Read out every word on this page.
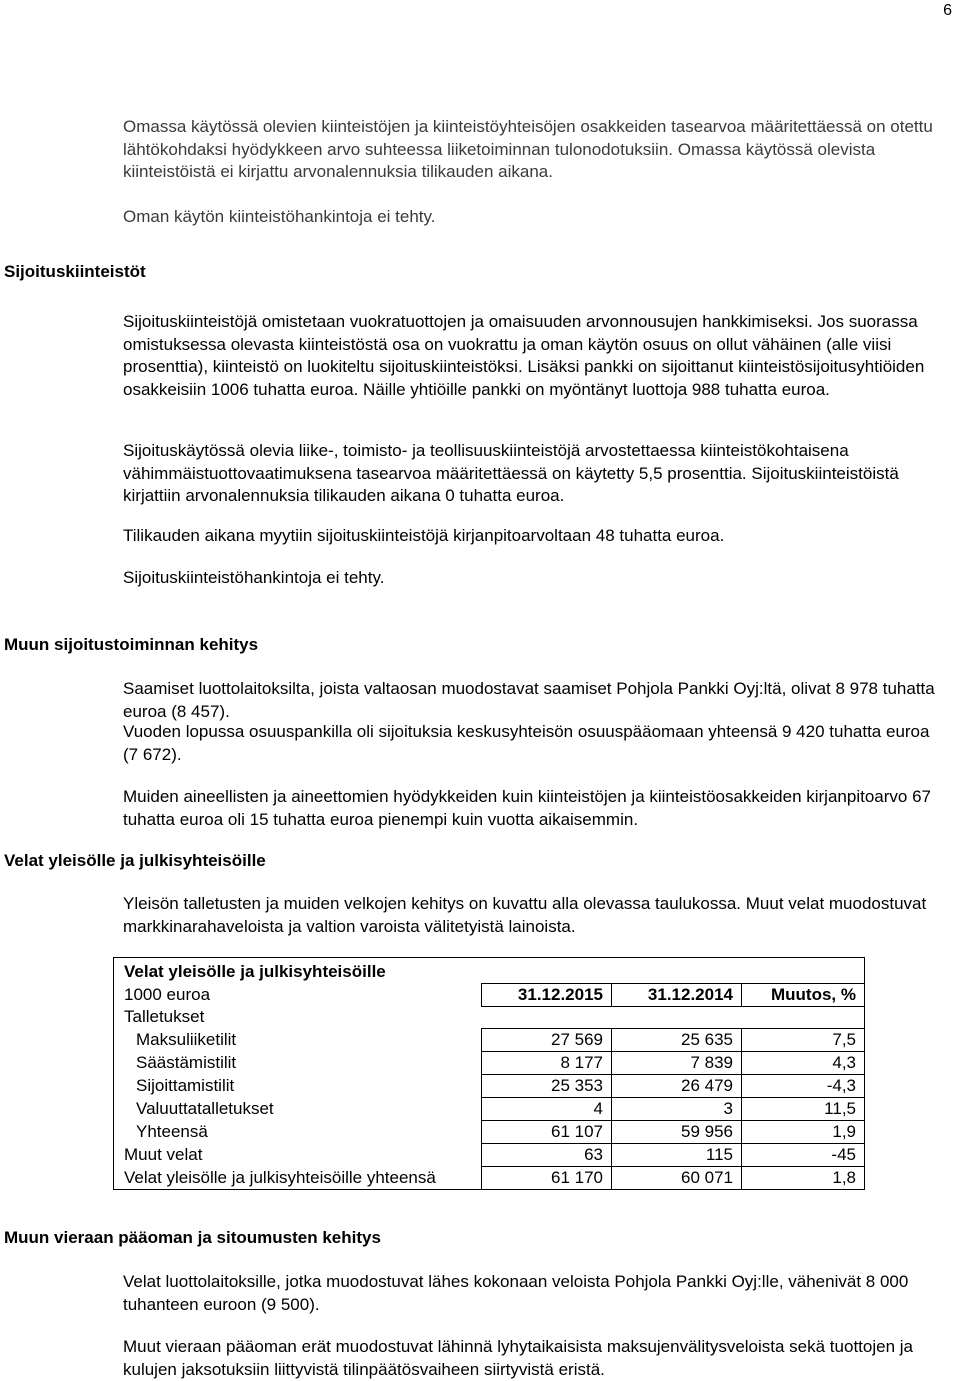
6
Omassa käytössä olevien kiinteistöjen ja kiinteistöyhteisöjen osakkeiden tasearvoa määritettäessä on otettu lähtökohdaksi hyödykkeen arvo suhteessa liiketoiminnan tulonodotuksiin. Omassa käytössä olevista kiinteistöistä ei kirjattu arvonalennuksia tilikauden aikana.
Oman käytön kiinteistöhankintoja ei tehty.
Sijoituskiinteistöt
Sijoituskiinteistöjä omistetaan vuokratuottojen ja omaisuuden arvonnousujen hankkimiseksi. Jos suorassa omistuksessa olevasta kiinteistöstä osa on vuokrattu ja oman käytön osuus on ollut vähäinen (alle viisi prosenttia), kiinteistö on luokiteltu sijoituskiinteistöksi. Lisäksi pankki on sijoittanut kiinteistösijoitusyhtiöiden osakkeisiin 1006 tuhatta euroa. Näille yhtiöille pankki on myöntänyt luottoja 988 tuhatta euroa.
Sijoituskäytössä olevia liike-, toimisto- ja teollisuuskiinteistöjä arvostettaessa kiinteistökohtaisena vähimmäistuottovaatimuksena tasearvoa määritettäessä on käytetty 5,5 prosenttia. Sijoituskiinteistöistä kirjattiin arvonalennuksia tilikauden aikana 0 tuhatta euroa.
Tilikauden aikana myytiin sijoituskiinteistöjä kirjanpitoarvoltaan 48 tuhatta euroa.
Sijoituskiinteistöhankintoja ei tehty.
Muun sijoitustoiminnan kehitys
Saamiset luottolaitoksilta, joista valtaosan muodostavat saamiset Pohjola Pankki Oyj:ltä, olivat 8 978 tuhatta euroa (8 457).
Vuoden lopussa osuuspankilla oli sijoituksia keskusyhteisön osuuspääomaan yhteensä 9 420 tuhatta euroa (7 672).
Muiden aineellisten ja aineettomien hyödykkeiden kuin kiinteistöjen ja kiinteistöosakkeiden kirjanpitoarvo 67 tuhatta euroa oli 15 tuhatta euroa pienempi kuin vuotta aikaisemmin.
Velat yleisölle ja julkisyhteisöille
Yleisön talletusten ja muiden velkojen kehitys on kuvattu alla olevassa taulukossa. Muut velat muodostuvat markkinarahaveloista ja valtion varoista välitetyistä lainoista.
Velat yleisölle ja julkisyhteisöille			
1000 euroa	31.12.2015	31.12.2014	Muutos, %
Talletukset			
Maksuliiketilit	27 569	25 635	7,5
Säästämistilit	8 177	7 839	4,3
Sijoittamistilit	25 353	26 479	-4,3
Valuuttatalletukset	4	3	11,5
Yhteensä	61 107	59 956	1,9
Muut velat	63	115	-45
Velat yleisölle ja julkisyhteisöille yhteensä	61 170	60 071	1,8
Muun vieraan pääoman ja sitoumusten kehitys
Velat luottolaitoksille, jotka muodostuvat lähes kokonaan veloista Pohjola Pankki Oyj:lle, vähenivät 8 000 tuhanteen euroon (9 500).
Muut vieraan pääoman erät muodostuvat lähinnä lyhytaikaisista maksujenvälitysveloista sekä tuottojen ja kulujen jaksotuksiin liittyvistä tilinpäätösvaiheen siirtyvistä eristä.
